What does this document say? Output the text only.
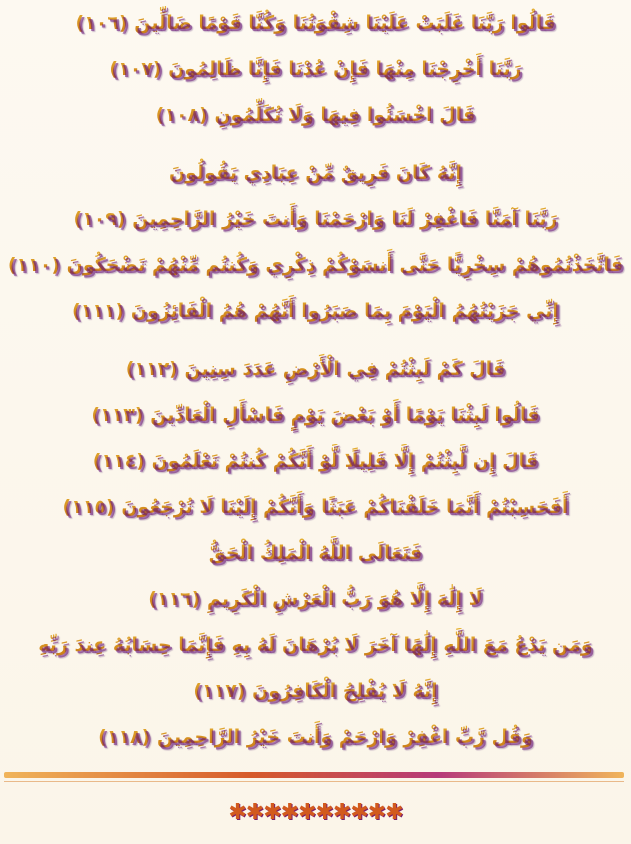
قَالُوا رَبَّنَا غَلَبَتْ عَلَيْنَا شِقْوَتُنَا وَكُنَّا قَوْمًا ضَالِّينَ (١٠٦)
رَبَّنَا أَخْرِجْنَا مِنْهَا فَإِنْ عُدْنَا فَإِنَّا ظَالِمُونَ (١٠٧)
قَالَ اخْسَئُوا فِيهَا وَلَا تُكَلِّمُونِ (١٠٨)
إِنَّهُ كَانَ فَرِيقٌ مِّنْ عِبَادِي يَقُولُونَ
رَبَّنَا آمَنَّا فَاغْفِرْ لَنَا وَارْحَمْنَا وَأَنتَ خَيْرُ الرَّاحِمِينَ (١٠٩)
فَاتَّخَذْتُمُوهُمْ سِخْرِيًّا حَتَّى أَنسَوْكُمْ ذِكْرِي وَكُنتُم مِّنْهُمْ تَضْحَكُونَ (١١٠)
إِنِّي جَزَيْتُهُمُ الْيَوْمَ بِمَا صَبَرُوا أَنَّهُمْ هُمُ الْفَائِزُونَ (١١١)
قَالَ كَمْ لَبِثْتُمْ فِي الْأَرْضِ عَدَدَ سِنِينَ (١١٢)
قَالُوا لَبِثْنَا يَوْمًا أَوْ بَعْضَ يَوْمٍ فَاسْأَلِ الْعَادِّينَ (١١٣)
قَالَ إِن لَّبِثْتُمْ إِلَّا قَلِيلًا لَّوْ أَنَّكُمْ كُنتُمْ تَعْلَمُونَ (١١٤)
أَفَحَسِبْتُمْ أَنَّمَا خَلَقْنَاكُمْ عَبَثًا وَأَنَّكُمْ إِلَيْنَا لَا تُرْجَعُونَ (١١٥)
فَتَعَالَى اللَّهُ الْمَلِكُ الْحَقُّ
لَا إِلَٰهَ إِلَّا هُوَ رَبُّ الْعَرْشِ الْكَرِيمِ (١١٦)
وَمَن يَدْعُ مَعَ اللَّهِ إِلَٰهًا آخَرَ لَا بُرْهَانَ لَهُ بِهِ فَإِنَّمَا حِسَابُهُ عِندَ رَبِّهِ
إِنَّهُ لَا يُفْلِحُ الْكَافِرُونَ (١١٧)
وَقُل رَّبِّ اغْفِرْ وَارْحَمْ وَأَنتَ خَيْرُ الرَّاحِمِينَ (١١٨)
✱✱✱✱✱✱✱✱✱✱
